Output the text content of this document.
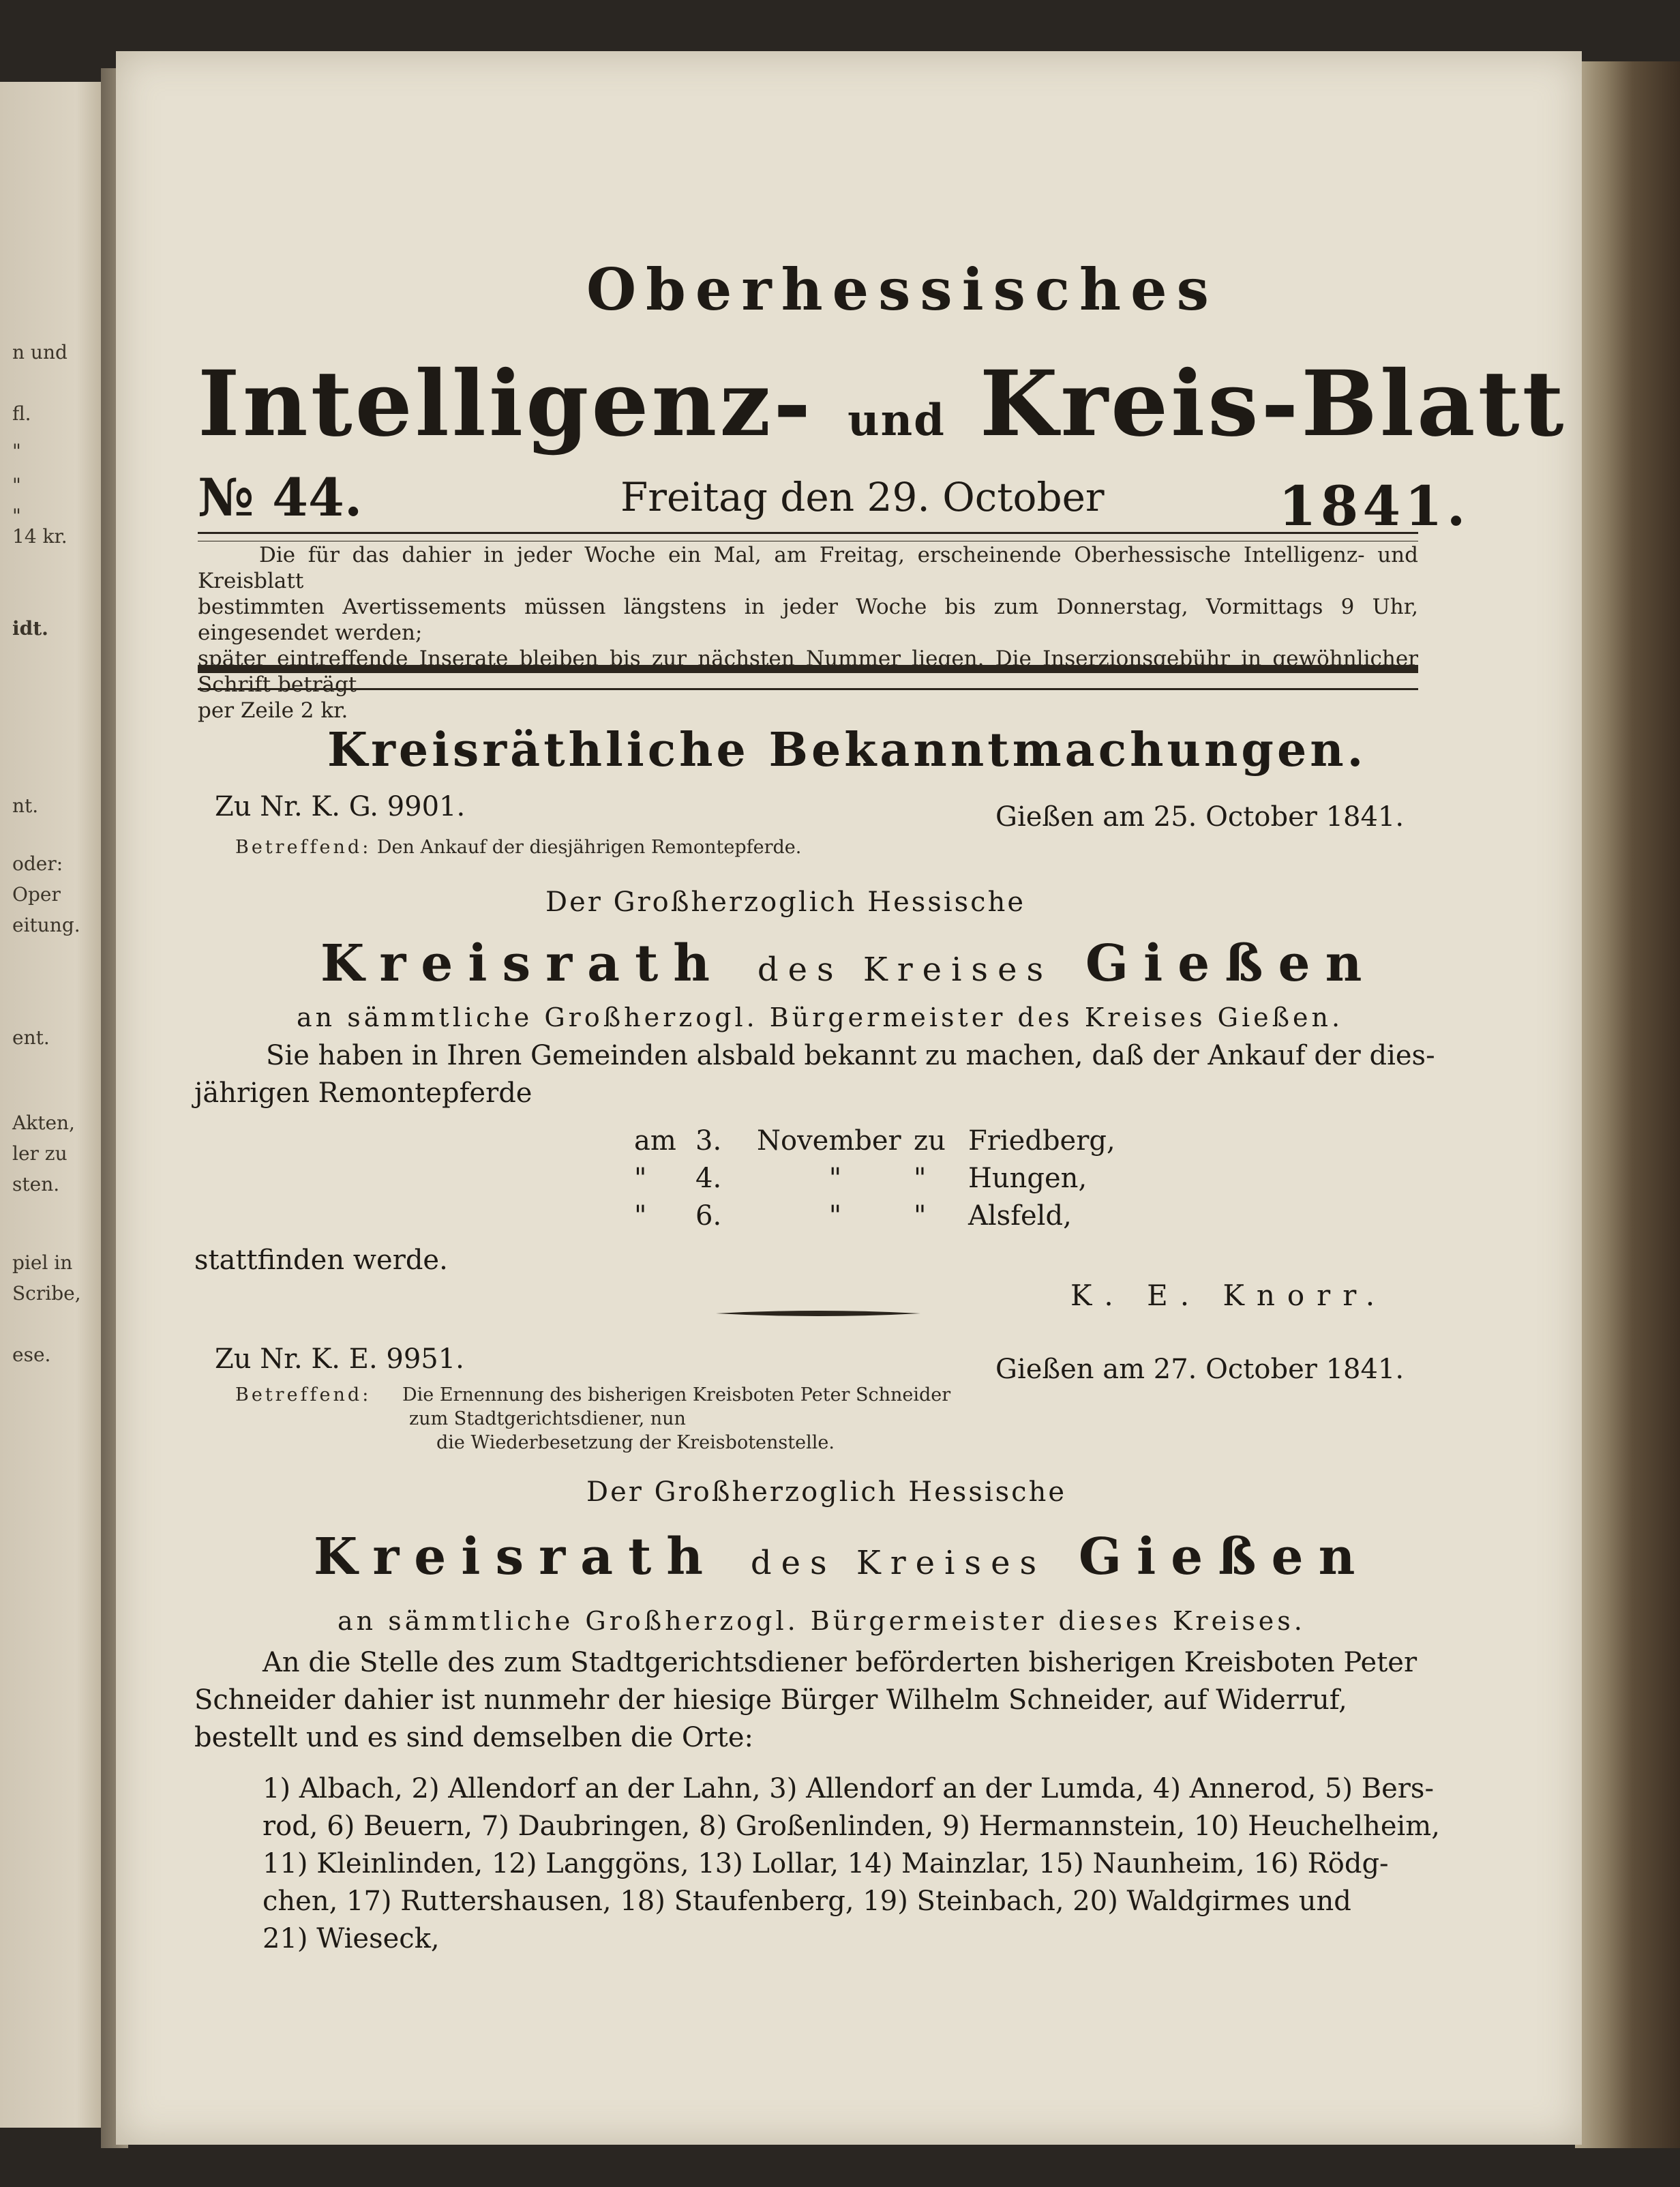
n und
fl.
"
"
"
14 kr.
idt.
nt.
oder:
Oper
eitung.
ent.
Akten,
ler zu
sten.
piel in
Scribe,
ese.
Oberhessisches
Intelligenz- und Kreis-Blatt
№ 44.	Freitag den 29. October	1841.

Die für das dahier in jeder Woche ein Mal, am Freitag, erscheinende Oberhessische Intelligenz- und Kreisblatt

bestimmten Avertissements müssen längstens in jeder Woche bis zum Donnerstag, Vormittags 9 Uhr, eingesendet werden;

später eintreffende Inserate bleiben bis zur nächsten Nummer liegen. Die Inserzionsgebühr in gewöhnlicher Schrift beträgt

per Zeile 2 kr.

Kreisräthliche Bekanntmachungen.
Zu Nr. K. G. 9901.	Gießen am 25. October 1841.
Betreffend: Den Ankauf der diesjährigen Remontepferde.
Der Großherzoglich Hessische
Kreisrath des Kreises Gießen
an sämmtliche Großherzogl. Bürgermeister des Kreises Gießen.
Sie haben in Ihren Gemeinden alsbald bekannt zu machen, daß der Ankauf der dies-
jährigen Remontepferde
am 3. November zu Friedberg,
" 4.	"	" Hungen,
" 6.	"	" Alsfeld,
stattfinden werde.
K. E. Knorr.
Zu Nr. K. E. 9951.	Gießen am 27. October 1841.
Betreffend: Die Ernennung des bisherigen Kreisboten Peter Schneider
zum Stadtgerichtsdiener, nun
die Wiederbesetzung der Kreisbotenstelle.
Der Großherzoglich Hessische
Kreisrath des Kreises Gießen
an sämmtliche Großherzogl. Bürgermeister dieses Kreises.
An die Stelle des zum Stadtgerichtsdiener beförderten bisherigen Kreisboten Peter
Schneider dahier ist nunmehr der hiesige Bürger Wilhelm Schneider, auf Widerruf,
bestellt und es sind demselben die Orte:
1) Albach, 2) Allendorf an der Lahn, 3) Allendorf an der Lumda, 4) Annerod, 5) Bers-
rod, 6) Beuern, 7) Daubringen, 8) Großenlinden, 9) Hermannstein, 10) Heuchelheim,
11) Kleinlinden, 12) Langgöns, 13) Lollar, 14) Mainzlar, 15) Naunheim, 16) Rödg-
chen, 17) Ruttershausen, 18) Staufenberg, 19) Steinbach, 20) Waldgirmes und
21) Wieseck,
